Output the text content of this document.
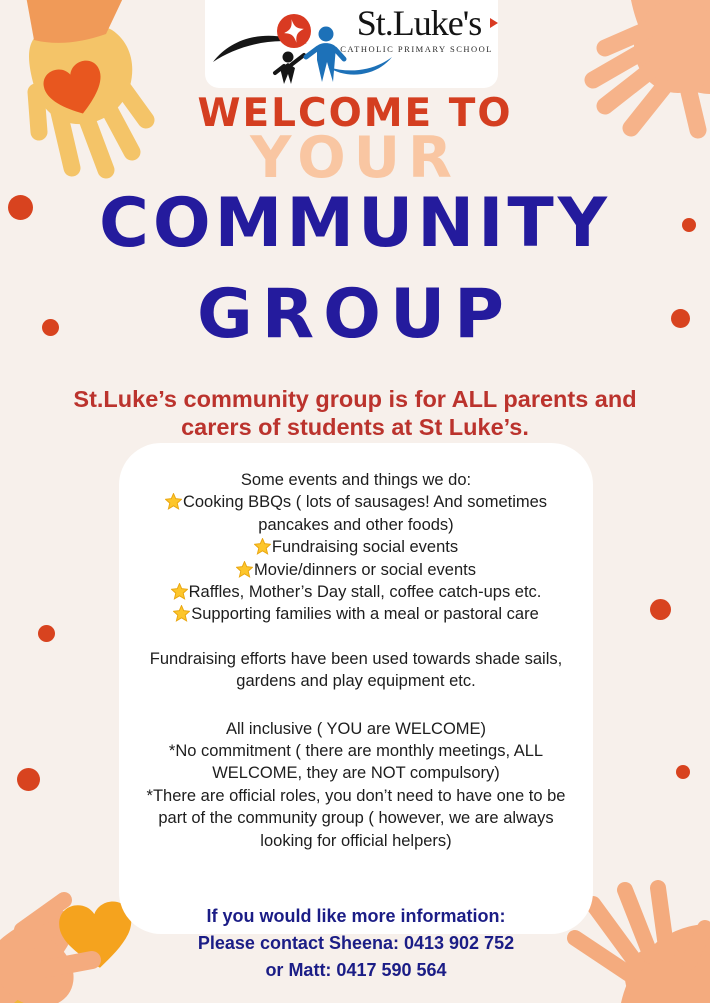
St.Luke's
CATHOLIC PRIMARY SCHOOL
WELCOME TO
YOUR
COMMUNITY
GROUP
St.Luke’s community group is for ALL parents and carers of students at St Luke’s.
Some events and things we do:
Cooking BBQs ( lots of sausages! And sometimes pancakes and other foods)
Fundraising social events
Movie/dinners or social events
Raffles, Mother’s Day stall, coffee catch-ups etc.
Supporting families with a meal or pastoral care
Fundraising efforts have been used towards shade sails, gardens and play equipment etc.
All inclusive ( YOU are WELCOME)
*No commitment ( there are monthly meetings, ALL WELCOME, they are NOT compulsory)
*There are official roles, you don’t need to have one to be part of the community group ( however, we are always looking for official helpers)
If you would like more information:
Please contact Sheena: 0413 902 752
or Matt: 0417 590 564
